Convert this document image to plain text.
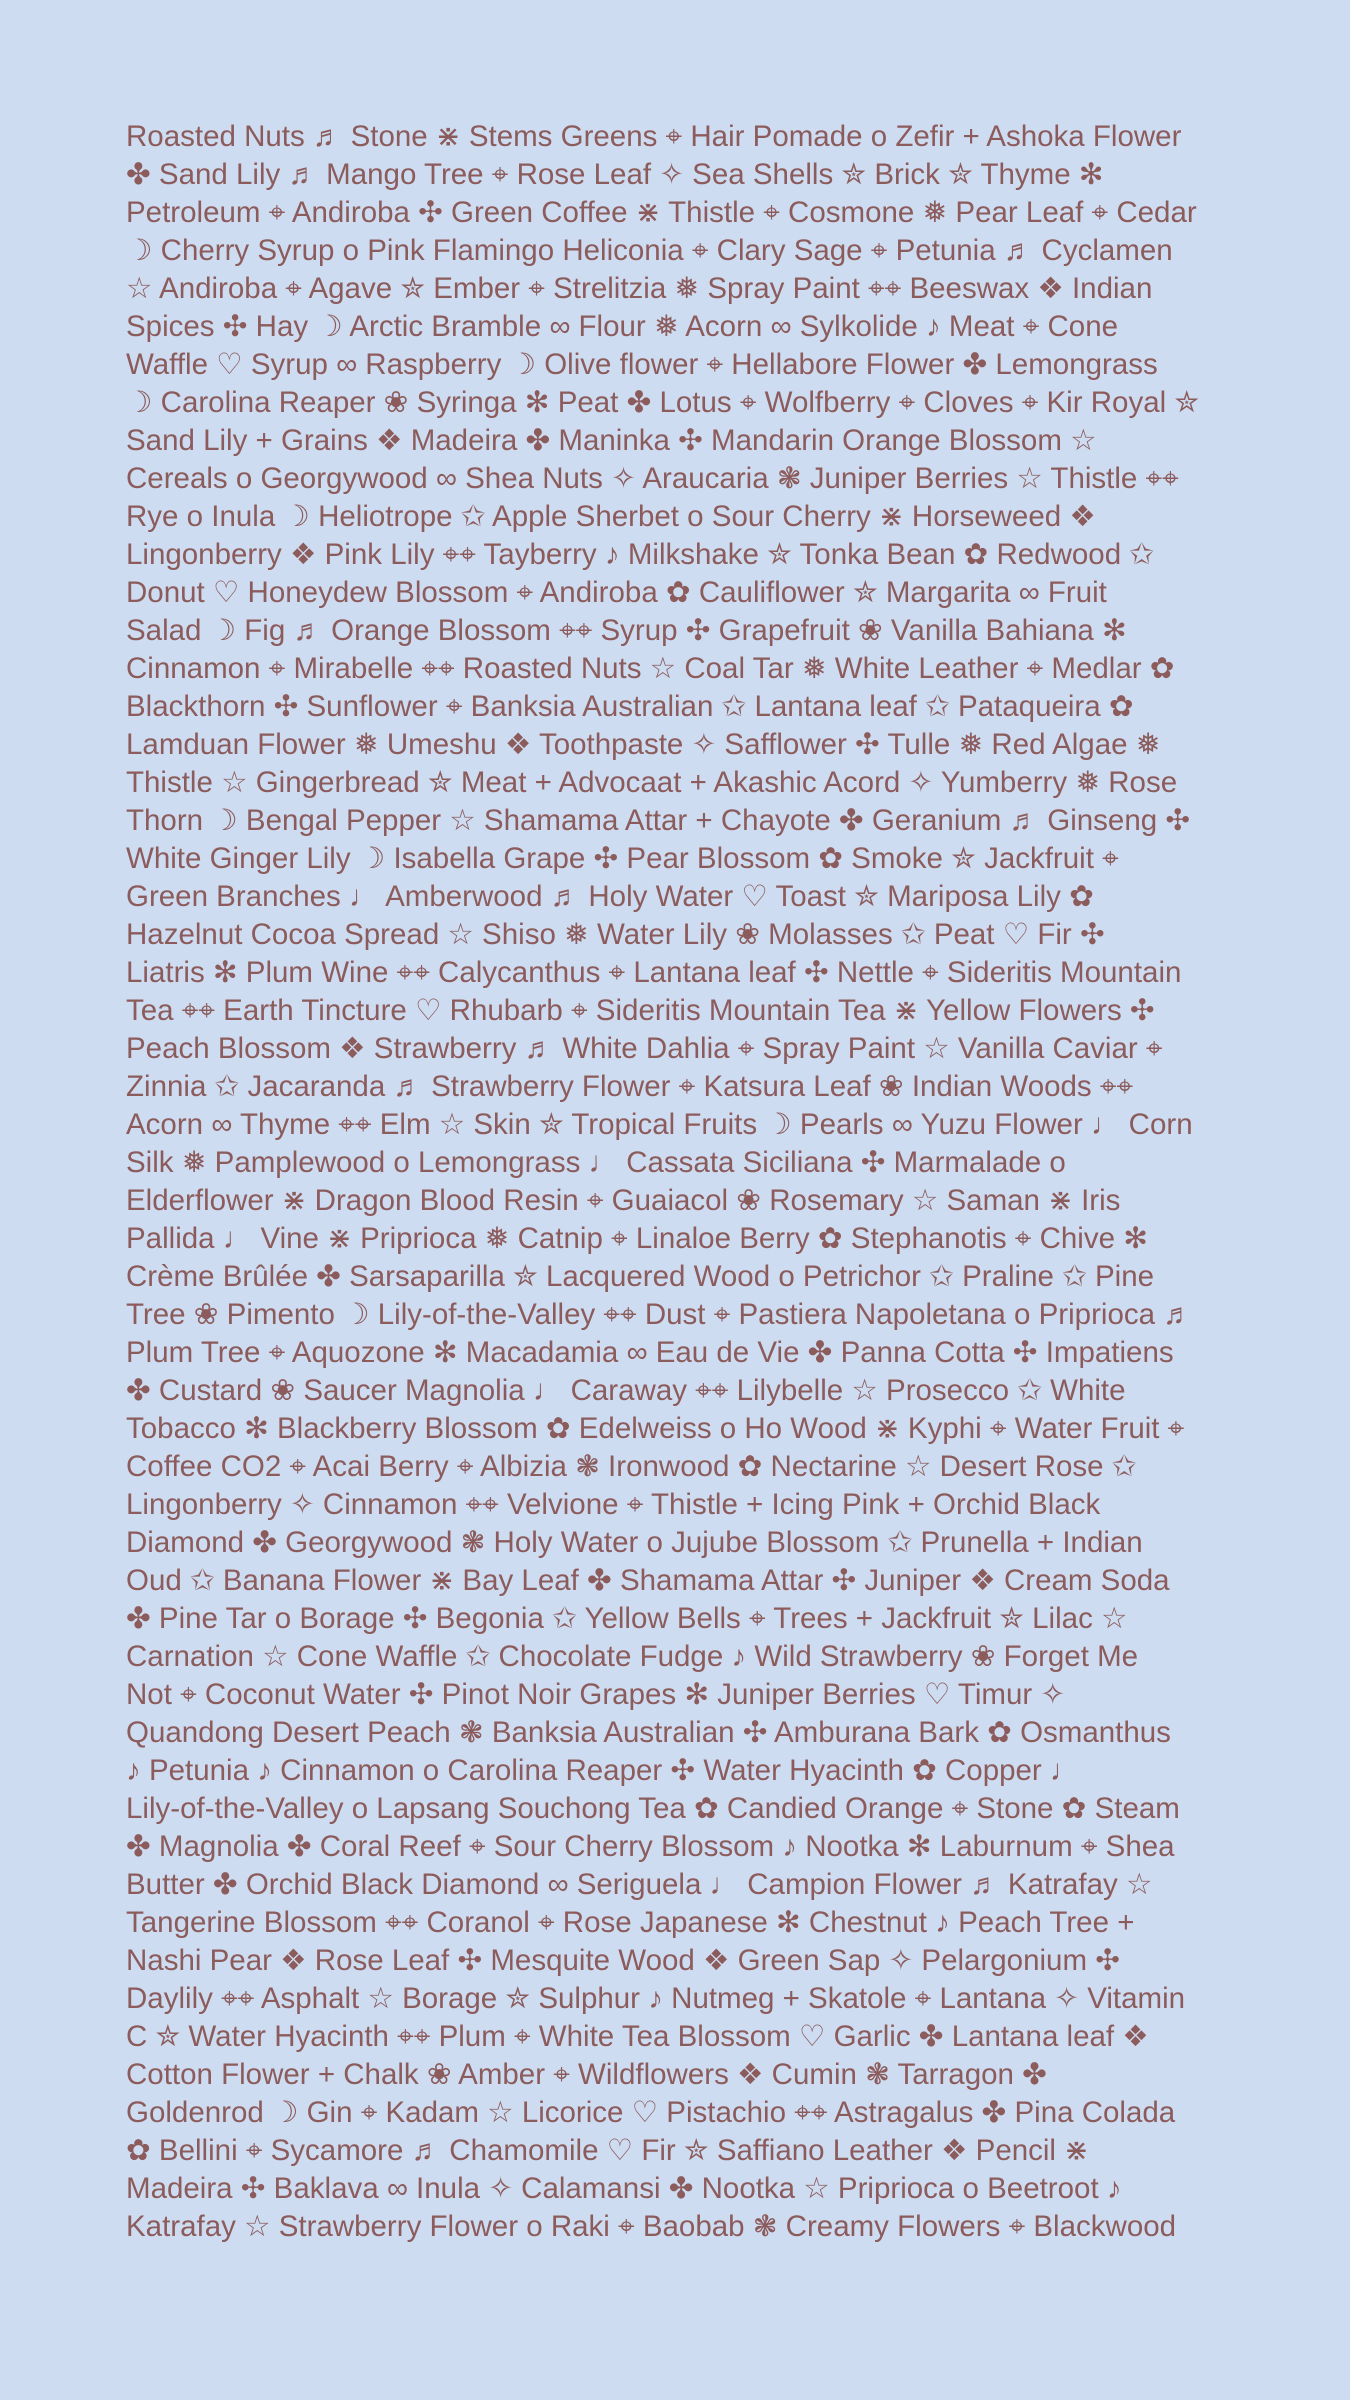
Roasted Nuts ♬ Stone ⋇ Stems Greens ⌖ Hair Pomade o Zefir + Ashoka Flower
✤ Sand Lily ♬ Mango Tree ⌖ Rose Leaf ✧ Sea Shells ✮ Brick ✮ Thyme ✻
Petroleum ⌖ Andiroba ✣ Green Coffee ⋇ Thistle ⌖ Cosmone ❅ Pear Leaf ⌖ Cedar
☽ Cherry Syrup o Pink Flamingo Heliconia ⌖ Clary Sage ⌖ Petunia ♬ Cyclamen
☆ Andiroba ⌖ Agave ✮ Ember ⌖ Strelitzia ❅ Spray Paint ⌖⌖ Beeswax ❖ Indian
Spices ✣ Hay ☽ Arctic Bramble ∞ Flour ❅ Acorn ∞ Sylkolide ♪ Meat ⌖ Cone
Waffle ♡ Syrup ∞ Raspberry ☽ Olive flower ⌖ Hellabore Flower ✤ Lemongrass
☽ Carolina Reaper ❀ Syringa ✻ Peat ✤ Lotus ⌖ Wolfberry ⌖ Cloves ⌖ Kir Royal ✮
Sand Lily + Grains ❖ Madeira ✤ Maninka ✣ Mandarin Orange Blossom ☆
Cereals o Georgywood ∞ Shea Nuts ✧ Araucaria ❃ Juniper Berries ☆ Thistle ⌖⌖
Rye o Inula ☽ Heliotrope ✩ Apple Sherbet o Sour Cherry ⋇ Horseweed ❖
Lingonberry ❖ Pink Lily ⌖⌖ Tayberry ♪ Milkshake ✮ Tonka Bean ✿ Redwood ✩
Donut ♡ Honeydew Blossom ⌖ Andiroba ✿ Cauliflower ✮ Margarita ∞ Fruit
Salad ☽ Fig ♬ Orange Blossom ⌖⌖ Syrup ✣ Grapefruit ❀ Vanilla Bahiana ✻
Cinnamon ⌖ Mirabelle ⌖⌖ Roasted Nuts ☆ Coal Tar ❅ White Leather ⌖ Medlar ✿
Blackthorn ✣ Sunflower ⌖ Banksia Australian ✩ Lantana leaf ✩ Pataqueira ✿
Lamduan Flower ❅ Umeshu ❖ Toothpaste ✧ Safflower ✣ Tulle ❅ Red Algae ❅
Thistle ☆ Gingerbread ✮ Meat + Advocaat + Akashic Acord ✧ Yumberry ❅ Rose
Thorn ☽ Bengal Pepper ☆ Shamama Attar + Chayote ✤ Geranium ♬ Ginseng ✣
White Ginger Lily ☽ Isabella Grape ✣ Pear Blossom ✿ Smoke ✮ Jackfruit ⌖
Green Branches ♩ Amberwood ♬ Holy Water ♡ Toast ✮ Mariposa Lily ✿
Hazelnut Cocoa Spread ☆ Shiso ❅ Water Lily ❀ Molasses ✩ Peat ♡ Fir ✣
Liatris ✻ Plum Wine ⌖⌖ Calycanthus ⌖ Lantana leaf ✣ Nettle ⌖ Sideritis Mountain
Tea ⌖⌖ Earth Tincture ♡ Rhubarb ⌖ Sideritis Mountain Tea ⋇ Yellow Flowers ✣
Peach Blossom ❖ Strawberry ♬ White Dahlia ⌖ Spray Paint ☆ Vanilla Caviar ⌖
Zinnia ✩ Jacaranda ♬ Strawberry Flower ⌖ Katsura Leaf ❀ Indian Woods ⌖⌖
Acorn ∞ Thyme ⌖⌖ Elm ☆ Skin ✮ Tropical Fruits ☽ Pearls ∞ Yuzu Flower ♩ Corn
Silk ❅ Pamplewood o Lemongrass ♩ Cassata Siciliana ✣ Marmalade o
Elderflower ⋇ Dragon Blood Resin ⌖ Guaiacol ❀ Rosemary ☆ Saman ⋇ Iris
Pallida ♩ Vine ⋇ Priprioca ❅ Catnip ⌖ Linaloe Berry ✿ Stephanotis ⌖ Chive ✻
Crème Brûlée ✤ Sarsaparilla ✮ Lacquered Wood o Petrichor ✩ Praline ✩ Pine
Tree ❀ Pimento ☽ Lily-of-the-Valley ⌖⌖ Dust ⌖ Pastiera Napoletana o Priprioca ♬
Plum Tree ⌖ Aquozone ✻ Macadamia ∞ Eau de Vie ✤ Panna Cotta ✣ Impatiens
✤ Custard ❀ Saucer Magnolia ♩ Caraway ⌖⌖ Lilybelle ☆ Prosecco ✩ White
Tobacco ✻ Blackberry Blossom ✿ Edelweiss o Ho Wood ⋇ Kyphi ⌖ Water Fruit ⌖
Coffee CO2 ⌖ Acai Berry ⌖ Albizia ❃ Ironwood ✿ Nectarine ☆ Desert Rose ✩
Lingonberry ✧ Cinnamon ⌖⌖ Velvione ⌖ Thistle + Icing Pink + Orchid Black
Diamond ✤ Georgywood ❃ Holy Water o Jujube Blossom ✩ Prunella + Indian
Oud ✩ Banana Flower ⋇ Bay Leaf ✤ Shamama Attar ✣ Juniper ❖ Cream Soda
✤ Pine Tar o Borage ✣ Begonia ✩ Yellow Bells ⌖ Trees + Jackfruit ✮ Lilac ☆
Carnation ☆ Cone Waffle ✩ Chocolate Fudge ♪ Wild Strawberry ❀ Forget Me
Not ⌖ Coconut Water ✣ Pinot Noir Grapes ✻ Juniper Berries ♡ Timur ✧
Quandong Desert Peach ❃ Banksia Australian ✣ Amburana Bark ✿ Osmanthus
♪ Petunia ♪ Cinnamon o Carolina Reaper ✣ Water Hyacinth ✿ Copper ♩
Lily-of-the-Valley o Lapsang Souchong Tea ✿ Candied Orange ⌖ Stone ✿ Steam
✤ Magnolia ✤ Coral Reef ⌖ Sour Cherry Blossom ♪ Nootka ✻ Laburnum ⌖ Shea
Butter ✤ Orchid Black Diamond ∞ Seriguela ♩ Campion Flower ♬ Katrafay ☆
Tangerine Blossom ⌖⌖ Coranol ⌖ Rose Japanese ✻ Chestnut ♪ Peach Tree +
Nashi Pear ❖ Rose Leaf ✣ Mesquite Wood ❖ Green Sap ✧ Pelargonium ✣
Daylily ⌖⌖ Asphalt ☆ Borage ✮ Sulphur ♪ Nutmeg + Skatole ⌖ Lantana ✧ Vitamin
C ✮ Water Hyacinth ⌖⌖ Plum ⌖ White Tea Blossom ♡ Garlic ✤ Lantana leaf ❖
Cotton Flower + Chalk ❀ Amber ⌖ Wildflowers ❖ Cumin ❃ Tarragon ✤
Goldenrod ☽ Gin ⌖ Kadam ☆ Licorice ♡ Pistachio ⌖⌖ Astragalus ✤ Pina Colada
✿ Bellini ⌖ Sycamore ♬ Chamomile ♡ Fir ✮ Saffiano Leather ❖ Pencil ⋇
Madeira ✣ Baklava ∞ Inula ✧ Calamansi ✤ Nootka ☆ Priprioca o Beetroot ♪
Katrafay ☆ Strawberry Flower o Raki ⌖ Baobab ❃ Creamy Flowers ⌖ Blackwood
